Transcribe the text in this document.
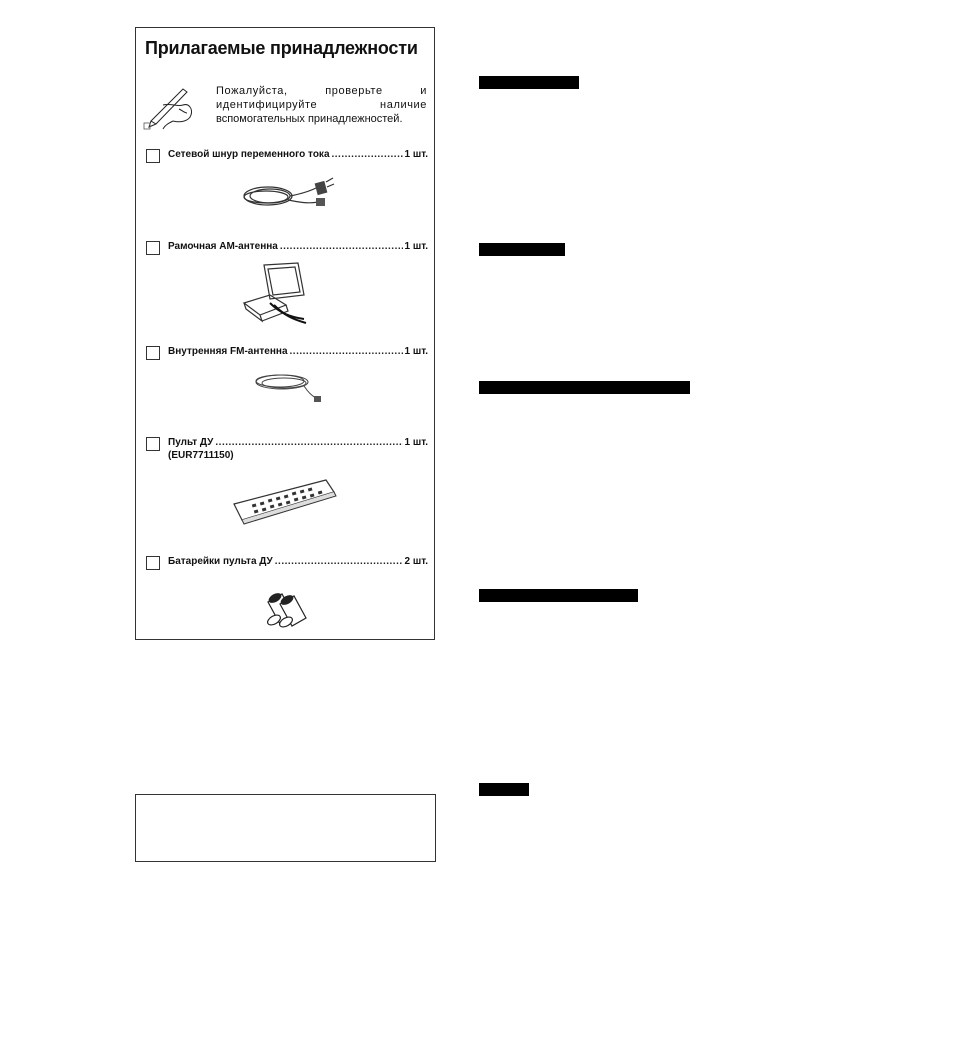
Прилагаемые принадлежности
Пожалуйста, проверьте и
идентифицируйте наличие
вспомогательных принадлежностей.
Сетевой шнур переменного тока .....	1 шт.
Рамочная АМ-антенна .....	1 шт.
Внутренняя FM-антенна .....	1 шт.
Пульт ДУ .....	1 шт.
(EUR7711150)
Батарейки пульта ДУ .....	2 шт.
